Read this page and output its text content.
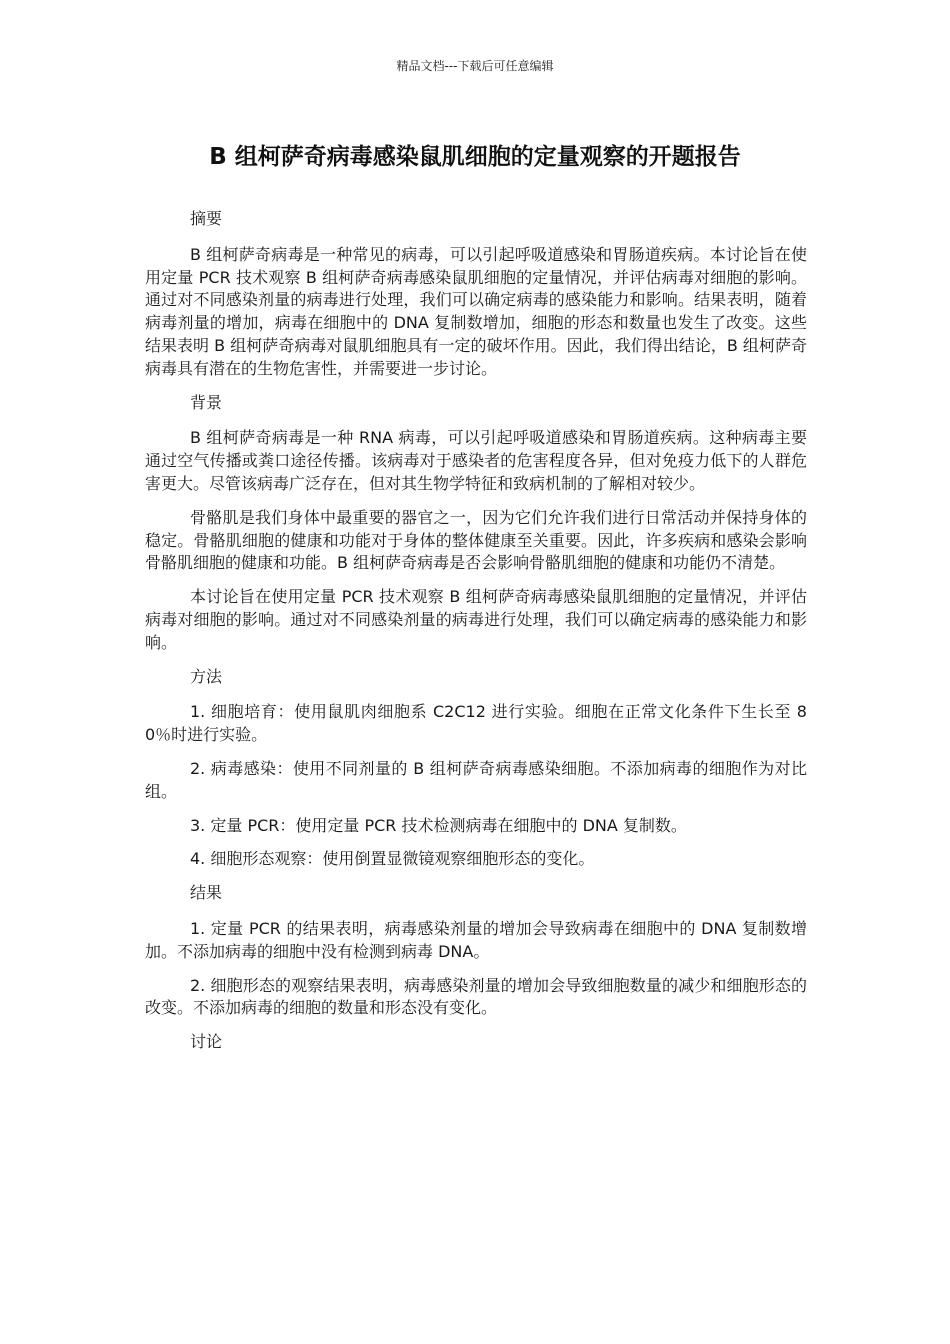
精品文档---下载后可任意编辑
B 组柯萨奇病毒感染鼠肌细胞的定量观察的开题报告

摘要

B 组柯萨奇病毒是一种常见的病毒，可以引起呼吸道感染和胃肠道疾病。本讨论旨在使用定量 PCR 技术观察 B 组柯萨奇病毒感染鼠肌细胞的定量情况，并评估病毒对细胞的影响。通过对不同感染剂量的病毒进行处理，我们可以确定病毒的感染能力和影响。结果表明，随着病毒剂量的增加，病毒在细胞中的 DNA 复制数增加，细胞的形态和数量也发生了改变。这些结果表明 B 组柯萨奇病毒对鼠肌细胞具有一定的破坏作用。因此，我们得出结论，B 组柯萨奇病毒具有潜在的生物危害性，并需要进一步讨论。

背景

B 组柯萨奇病毒是一种 RNA 病毒，可以引起呼吸道感染和胃肠道疾病。这种病毒主要通过空气传播或粪口途径传播。该病毒对于感染者的危害程度各异，但对免疫力低下的人群危害更大。尽管该病毒广泛存在，但对其生物学特征和致病机制的了解相对较少。

骨骼肌是我们身体中最重要的器官之一，因为它们允许我们进行日常活动并保持身体的稳定。骨骼肌细胞的健康和功能对于身体的整体健康至关重要。因此，许多疾病和感染会影响骨骼肌细胞的健康和功能。B 组柯萨奇病毒是否会影响骨骼肌细胞的健康和功能仍不清楚。

本讨论旨在使用定量 PCR 技术观察 B 组柯萨奇病毒感染鼠肌细胞的定量情况，并评估病毒对细胞的影响。通过对不同感染剂量的病毒进行处理，我们可以确定病毒的感染能力和影响。

方法

1. 细胞培育：使用鼠肌肉细胞系 C2C12 进行实验。细胞在正常文化条件下生长至 80％时进行实验。

2. 病毒感染：使用不同剂量的 B 组柯萨奇病毒感染细胞。不添加病毒的细胞作为对比组。

3. 定量 PCR：使用定量 PCR 技术检测病毒在细胞中的 DNA 复制数。

4. 细胞形态观察：使用倒置显微镜观察细胞形态的变化。

结果

1. 定量 PCR 的结果表明，病毒感染剂量的增加会导致病毒在细胞中的 DNA 复制数增加。不添加病毒的细胞中没有检测到病毒 DNA。

2. 细胞形态的观察结果表明，病毒感染剂量的增加会导致细胞数量的减少和细胞形态的改变。不添加病毒的细胞的数量和形态没有变化。

讨论
